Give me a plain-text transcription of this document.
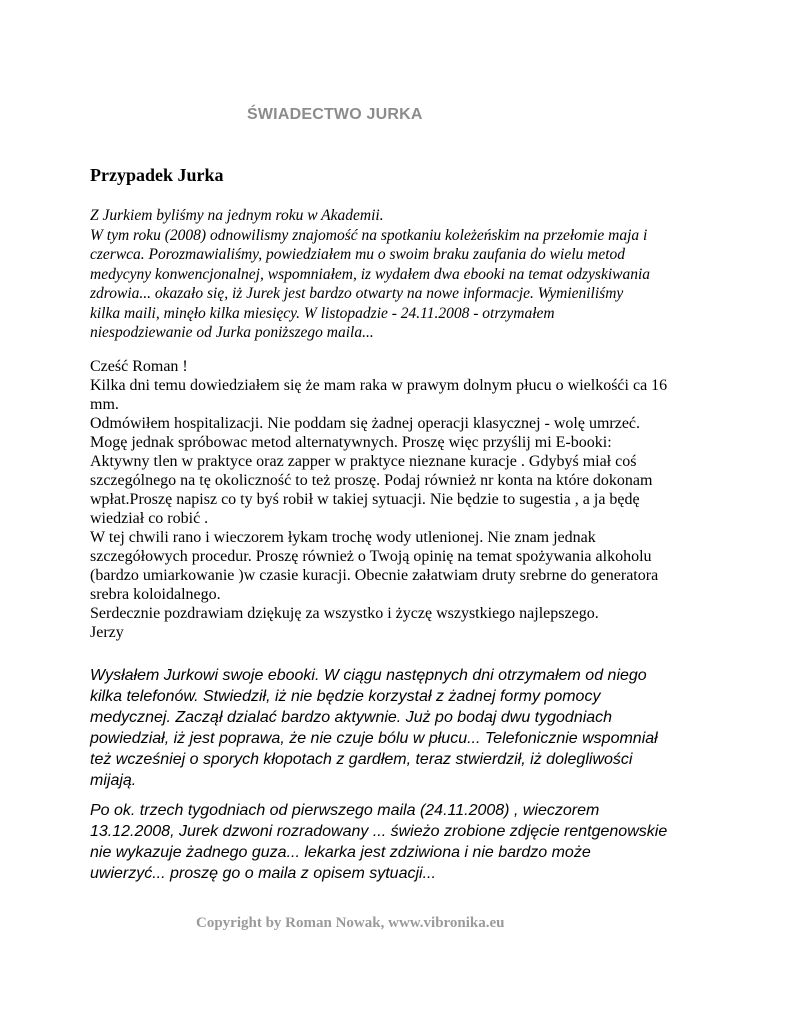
ŚWIADECTWO JURKA
Przypadek Jurka
Z Jurkiem byliśmy na jednym roku w Akademii.
W tym roku (2008) odnowilismy znajomość na spotkaniu koleżeńskim na przełomie maja i
czerwca. Porozmawialiśmy, powiedziałem mu o swoim braku zaufania do wielu metod
medycyny konwencjonalnej, wspomniałem, iz wydałem dwa ebooki na temat odzyskiwania
zdrowia... okazało się, iż Jurek jest bardzo otwarty na nowe informacje. Wymieniliśmy
kilka maili, minęło kilka miesięcy. W listopadzie - 24.11.2008 - otrzymałem
niespodziewanie od Jurka poniższego maila...
Cześć Roman !
Kilka dni temu dowiedziałem się że mam raka w prawym dolnym płucu o wielkośći ca 16
mm.
Odmówiłem hospitalizacji. Nie poddam się żadnej operacji klasycznej - wolę umrzeć.
Mogę jednak spróbowac metod alternatywnych. Proszę więc przyślij mi E-booki:
Aktywny tlen w praktyce oraz zapper w praktyce nieznane kuracje . Gdybyś miał coś
szczególnego na tę okoliczność to też proszę. Podaj również nr konta na które dokonam
wpłat.Proszę napisz co ty byś robił w takiej sytuacji. Nie będzie to sugestia , a ja będę
wiedział co robić .
W tej chwili rano i wieczorem łykam trochę wody utlenionej. Nie znam jednak
szczegółowych procedur. Proszę również o Twoją opinię na temat spożywania alkoholu
(bardzo umiarkowanie )w czasie kuracji. Obecnie załatwiam druty srebrne do generatora
srebra koloidalnego.
Serdecznie pozdrawiam dziękuję za wszystko i życzę wszystkiego najlepszego.
Jerzy
Wysłałem Jurkowi swoje ebooki. W ciągu następnych dni otrzymałem od niego
kilka telefonów. Stwiedził, iż nie będzie korzystał z żadnej formy pomocy
medycznej. Zaczął dzialać bardzo aktywnie. Już po bodaj dwu tygodniach
powiedział, iż jest poprawa, że nie czuje bólu w płucu... Telefonicznie wspomniał
też wcześniej o sporych kłopotach z gardłem, teraz stwierdził, iż dolegliwości
mijają.
Po ok. trzech tygodniach od pierwszego maila (24.11.2008) , wieczorem
13.12.2008, Jurek dzwoni rozradowany ... świeżo zrobione zdjęcie rentgenowskie
nie wykazuje żadnego guza... lekarka jest zdziwiona i nie bardzo może
uwierzyć... proszę go o maila z opisem sytuacji...
Copyright by Roman Nowak, www.vibronika.eu
